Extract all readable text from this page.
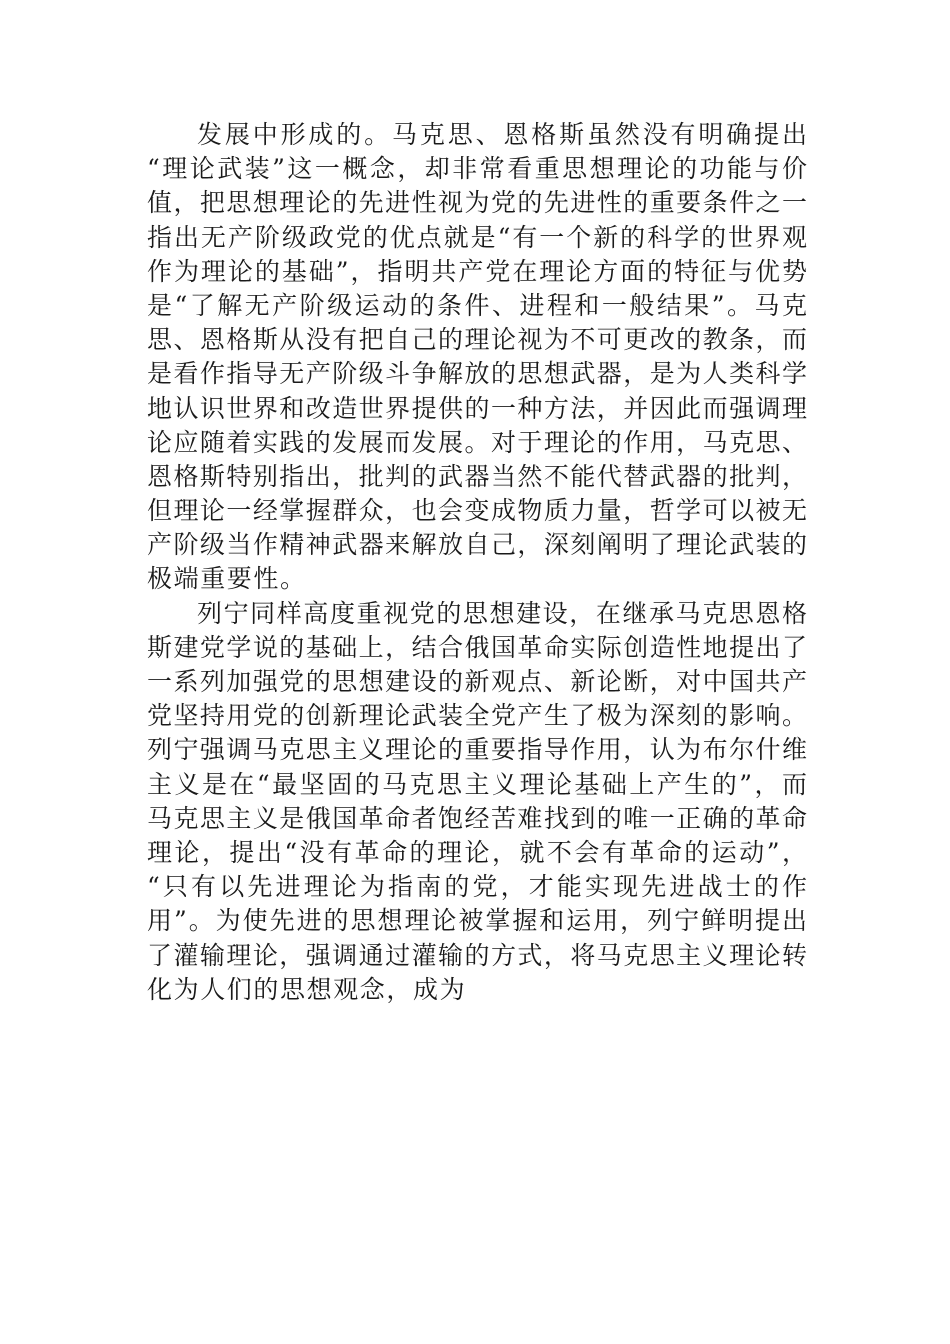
发展中形成的。马克思、恩格斯虽然没有明确提出
“理论武装”这一概念，却非常看重思想理论的功能与价
值，把思想理论的先进性视为党的先进性的重要条件之一
指出无产阶级政党的优点就是“有一个新的科学的世界观
作为理论的基础”，指明共产党在理论方面的特征与优势
是“了解无产阶级运动的条件、进程和一般结果”。马克
思、恩格斯从没有把自己的理论视为不可更改的教条，而
是看作指导无产阶级斗争解放的思想武器，是为人类科学
地认识世界和改造世界提供的一种方法，并因此而强调理
论应随着实践的发展而发展。对于理论的作用，马克思、
恩格斯特别指出，批判的武器当然不能代替武器的批判，
但理论一经掌握群众，也会变成物质力量，哲学可以被无
产阶级当作精神武器来解放自己，深刻阐明了理论武装的
极端重要性。
列宁同样高度重视党的思想建设，在继承马克思恩格
斯建党学说的基础上，结合俄国革命实际创造性地提出了
一系列加强党的思想建设的新观点、新论断，对中国共产
党坚持用党的创新理论武装全党产生了极为深刻的影响。
列宁强调马克思主义理论的重要指导作用，认为布尔什维
主义是在“最坚固的马克思主义理论基础上产生的”，而
马克思主义是俄国革命者饱经苦难找到的唯一正确的革命
理论，提出“没有革命的理论，就不会有革命的运动”，
“只有以先进理论为指南的党，才能实现先进战士的作
用”。为使先进的思想理论被掌握和运用，列宁鲜明提出
了灌输理论，强调通过灌输的方式，将马克思主义理论转
化为人们的思想观念，成为
